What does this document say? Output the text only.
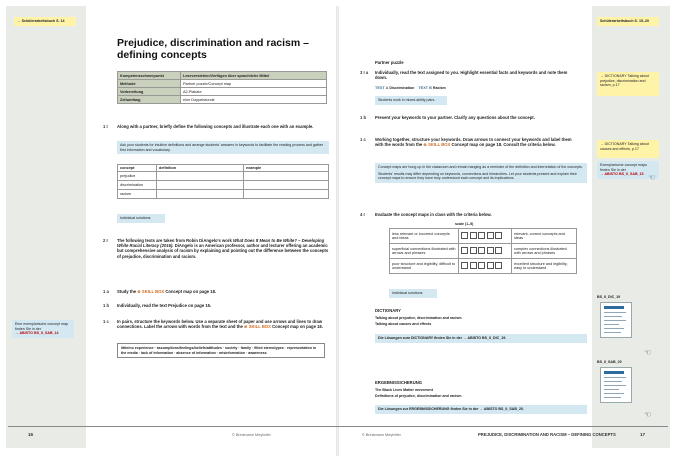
→ Schülerarbeitsbuch S. 14
Eine exemplarische concept map finden Sie in der
→ ABISTO BS_II_SAB_14
Schülerarbeitsbuch S. 15–20
→ DICTIONARY Talking about prejudice, discrimination and racism, p.17
→ DICTIONARY Talking about causes and effects, p.17
Exemplarische concept maps finden Sie in der
→ ABISTO BS_II_SAB_15 ☜
BS_II_DIC_19
☜
BS_II_SAB_20
☜
Prejudice, discrimination and racism – defining concepts
Kompetenzschwerpunkt	Leseverstehen/Verfügen über sprachliche Mittel
Methode	Partner puzzle/Concept map
Vorbereitung	A2-Plakate
Zeitumfang	eine Doppelstunde
1 I Along with a partner, briefly define the following concepts and illustrate each one with an example.
Ask your students for intuitive definitions and arrange students' answers in keywords to facilitate the reading process and gather first information and vocabulary.
concept	definition	example
prejudice		
discrimination		
racism		
Individual solutions
2 I The following texts are taken from Robin DiAngelo's work What Does It Mean to Be White? – Developing White Racial Literacy (2016). DiAngelo is an American professor, author and lecturer offering an academic but comprehensive analysis of racism by explaining and pointing out the difference between the concepts of prejudice, discrimination and racism.
1 a Study the ⊕ SKILL BOX Concept map on page 18.
1 b Individually, read the text Prejudice on page 15.
1 c In pairs, structure the keywords below. Use a separate sheet of paper and use arrows and lines to draw connections. Label the arrows with words from the text and the ⊕ SKILL BOX Concept map on page 18.
little/no experience · assumptions/feelings/beliefs/attitudes · society · family · filled stereotypes · representation in the media · lack of information · absence of information · misinformation · awareness
Partner puzzle
3 I a Individually, read the text assigned to you. Highlight essential facts and keywords and note them down.
TEXT A Discrimination TEXT B Racism
Students work in mixed-ability pairs.
1 b Present your keywords to your partner. Clarify any questions about the concept.
1 c Working together, structure your keywords. Draw arrows to connect your keywords and label them with the words from the ⊕ SKILL BOX Concept map on page 18. Consult the criteria below.
Concept maps are hung up in the classroom and remain hanging as a reminder of the definition and interrelation of the concepts.
Students' results may differ depending on keywords, connections and hierarchies. Let your students present and explain their concept maps to ensure they have truly understood each concept and its implications.
4 I Evaluate the concept maps in class with the criteria below.
scale (1–5)
less relevant or incorrect concepts and ideas		relevant, correct concepts and ideas
superficial connections illustrated with arrows and phrases		complex connections illustrated with arrows and phrases
poor structure and legibility, difficult to understand		excellent structure and legibility, easy to understand
Individual solutions
DICTIONARY
Talking about prejudice, discrimination and racism
Talking about causes and effects
Die Lösungen zum DICTIONARY finden Sie in der → ABISTO BS_II_DIC_19.
ERGEBNISSICHERUNG
The Black Lives Matter movement
Definitions of prejudice, discrimination and racism
Die Lösungen zur ERGEBNISSICHERUNG finden Sie in der → ABISTO BS_II_SAB_20.
16	© Brinkmann Meyhöfer	© Brinkmann Meyhöfer	PREJUDICE, DISCRIMINATION AND RACISM – DEFINING CONCEPTS	17
